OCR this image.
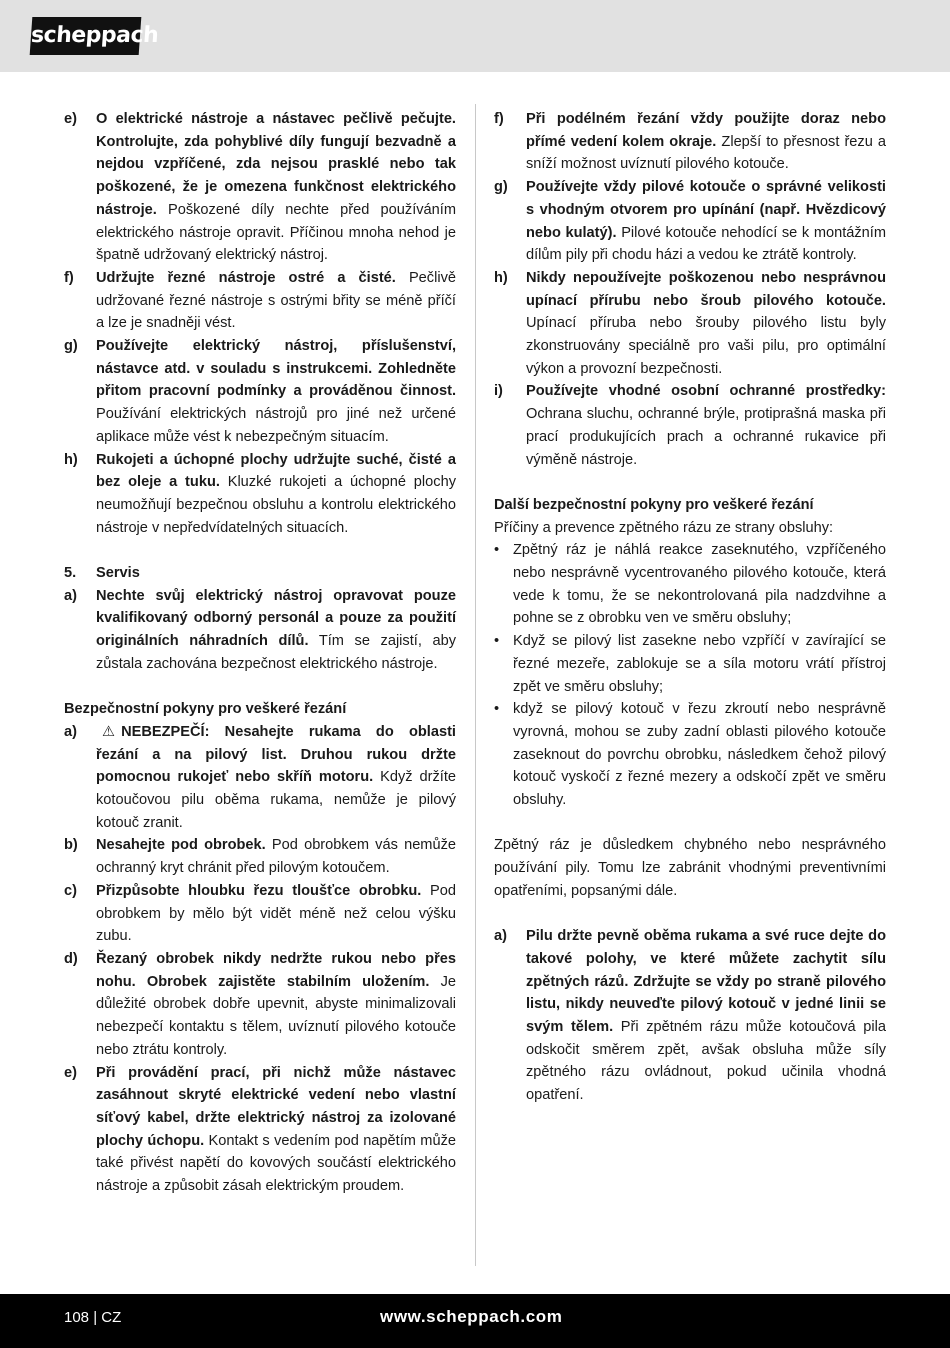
scheppach
e) O elektrické nástroje a nástavec pečlivě pečujte. Kontrolujte, zda pohyblivé díly fungují bezvadně a nejdou vzpříčené, zda nejsou prasklé nebo tak poškozené, že je omezena funkčnost elektrického nástroje. Poškozené díly nechte před používáním elektrického nástroje opravit. Příčinou mnoha nehod je špatně udržovaný elektrický nástroj.
f) Udržujte řezné nástroje ostré a čisté. Pečlivě udržované řezné nástroje s ostrými břity se méně příčí a lze je snadněji vést.
g) Používejte elektrický nástroj, příslušenství, nástavce atd. v souladu s instrukcemi. Zohledněte přitom pracovní podmínky a prováděnou činnost. Používání elektrických nástrojů pro jiné než určené aplikace může vést k nebezpečným situacím.
h) Rukojeti a úchopné plochy udržujte suché, čisté a bez oleje a tuku. Kluzké rukojeti a úchopné plochy neumožňují bezpečnou obsluhu a kontrolu elektrického nástroje v nepředvídatelných situacích.
5. Servis
a) Nechte svůj elektrický nástroj opravovat pouze kvalifikovaný odborný personál a pouze za použití originálních náhradních dílů. Tím se zajistí, aby zůstala zachována bezpečnost elektrického nástroje.
Bezpečnostní pokyny pro veškeré řezání
a) ⚠ NEBEZPEČÍ: Nesahejte rukama do oblasti řezání a na pilový list. Druhou rukou držte pomocnou rukojeť nebo skříň motoru. Když držíte kotoučovou pilu oběma rukama, nemůže je pilový kotouč zranit.
b) Nesahejte pod obrobek. Pod obrobkem vás nemůže ochranný kryt chránit před pilovým kotoučem.
c) Přizpůsobte hloubku řezu tloušťce obrobku. Pod obrobkem by mělo být vidět méně než celou výšku zubu.
d) Řezaný obrobek nikdy nedržte rukou nebo přes nohu. Obrobek zajistěte stabilním uložením. Je důležité obrobek dobře upevnit, abyste minimalizovali nebezpečí kontaktu s tělem, uvíznutí pilového kotouče nebo ztrátu kontroly.
e) Při provádění prací, při nichž může nástavec zasáhnout skryté elektrické vedení nebo vlastní síťový kabel, držte elektrický nástroj za izolované plochy úchopu. Kontakt s vedením pod napětím může také přivést napětí do kovových součástí elektrického nástroje a způsobit zásah elektrickým proudem.
f) Při podélném řezání vždy použijte doraz nebo přímé vedení kolem okraje. Zlepší to přesnost řezu a sníží možnost uvíznutí pilového kotouče.
g) Používejte vždy pilové kotouče o správné velikosti s vhodným otvorem pro upínání (např. Hvězdicový nebo kulatý). Pilové kotouče nehodící se k montážním dílům pily při chodu házi a vedou ke ztrátě kontroly.
h) Nikdy nepoužívejte poškozenou nebo nesprávnou upínací přírubu nebo šroub pilového kotouče. Upínací příruba nebo šrouby pilového listu byly zkonstruovány speciálně pro vaši pilu, pro optimální výkon a provozní bezpečnosti.
i) Používejte vhodné osobní ochranné prostředky: Ochrana sluchu, ochranné brýle, protiprašná maska při prací produkujících prach a ochranné rukavice při výměně nástroje.
Další bezpečnostní pokyny pro veškeré řezání
Příčiny a prevence zpětného rázu ze strany obsluhy:
• Zpětný ráz je náhlá reakce zaseknutého, vzpříčeného nebo nesprávně vycentrovaného pilového kotouče, která vede k tomu, že se nekontrolovaná pila nadzdvihne a pohne se z obrobku ven ve směru obsluhy;
• Když se pilový list zasekne nebo vzpříčí v zavírající se řezné mezeře, zablokuje se a síla motoru vrátí přístroj zpět ve směru obsluhy;
• když se pilový kotouč v řezu zkroutí nebo nesprávně vyrovná, mohou se zuby zadní oblasti pilového kotouče zaseknout do povrchu obrobku, následkem čehož pilový kotouč vyskočí z řezné mezery a odskočí zpět ve směru obsluhy.
Zpětný ráz je důsledkem chybného nebo nesprávného používání pily. Tomu lze zabránit vhodnými preventivními opatřeními, popsanými dále.
a) Pilu držte pevně oběma rukama a své ruce dejte do takové polohy, ve které můžete zachytit sílu zpětných rázů. Zdržujte se vždy po straně pilového listu, nikdy neuveďte pilový kotouč v jedné linii se svým tělem. Při zpětném rázu může kotoučová pila odskočit směrem zpět, avšak obsluha může síly zpětného rázu ovládnout, pokud učinila vhodná opatření.
108 | CZ	www.scheppach.com
